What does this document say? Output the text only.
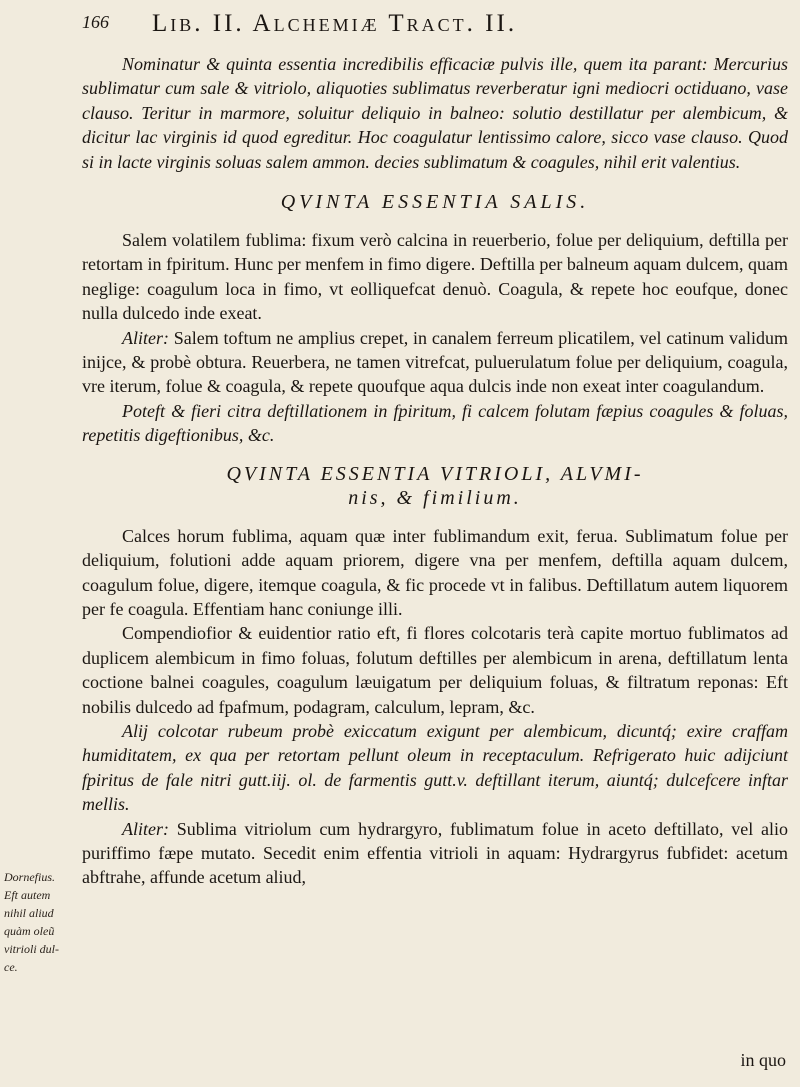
166 Lib. II. Alchemiæ Tract. II.

Nominatur & quinta essentia incredibilis efficaciæ pulvis ille, quem ita parant: Mercurius sublimatur cum sale & vitriolo, aliquoties sublimatus reverberatur igni mediocri octiduano, vase clauso. Teritur in marmore, soluitur deliquio in balneo: solutio destillatur per alembicum, & dicitur lac virginis id quod egreditur. Hoc coagulatur lentissimo calore, sicco vase clauso. Quod si in lacte virginis soluas salem ammon. decies sublimatum & coagules, nihil erit valentius.

QVINTA ESSENTIA SALIS.

Salem volatilem fublima: fixum verò calcina in reuerberio, folue per deliquium, deftilla per retortam in fpiritum. Hunc per menfem in fimo digere. Deftilla per balneum aquam dulcem, quam neglige: coagulum loca in fimo, vt eolliquefcat denuò. Coagula, & repete hoc eoufque, donec nulla dulcedo inde exeat.

Aliter: Salem toftum ne amplius crepet, in canalem ferreum plicatilem, vel catinum validum inijce, & probè obtura. Reuerbera, ne tamen vitrefcat, puluerulatum folue per deliquium, coagula, vre iterum, folue & coagula, & repete quoufque aqua dulcis inde non exeat inter coagulandum.

Poteft & fieri citra deftillationem in fpiritum, fi calcem folutam fæpius coagules & foluas, repetitis digeftionibus, &c.

QVINTA ESSENTIA VITRIOLI, ALVMI-
nis, & fimilium.

Calces horum fublima, aquam quæ inter fublimandum exit, ferua. Sublimatum folue per deliquium, folutioni adde aquam priorem, digere vna per menfem, deftilla aquam dulcem, coagulum folue, digere, itemque coagula, & fic procede vt in falibus. Deftillatum autem liquorem per fe coagula. Effentiam hanc coniunge illi.

Compendiofior & euidentior ratio eft, fi flores colcotaris terà capite mortuo fublimatos ad duplicem alembicum in fimo foluas, folutum deftilles per alembicum in arena, deftillatum lenta coctione balnei coagules, coagulum læuigatum per deliquium foluas, & filtratum reponas: Eft nobilis dulcedo ad fpafmum, podagram, calculum, lepram, &c.

Alij colcotar rubeum probè exiccatum exigunt per alembicum, dicuntq́; exire craffam humiditatem, ex qua per retortam pellunt oleum in receptaculum. Refrigerato huic adijciunt fpiritus de fale nitri gutt.iij. ol. de farmentis gutt.v. deftillant iterum, aiuntq́; dulcefcere inftar mellis.

Aliter: Sublima vitriolum cum hydrargyro, fublimatum folue in aceto deftillato, vel alio puriffimo fæpe mutato. Secedit enim effentia vitrioli in aquam: Hydrargyrus fubfidet: acetum abftrahe, affunde acetum aliud,

Dornefius.
Eft autem
nihil aliud
quàm oleũ
vitrioli dul-
ce.
in quo
